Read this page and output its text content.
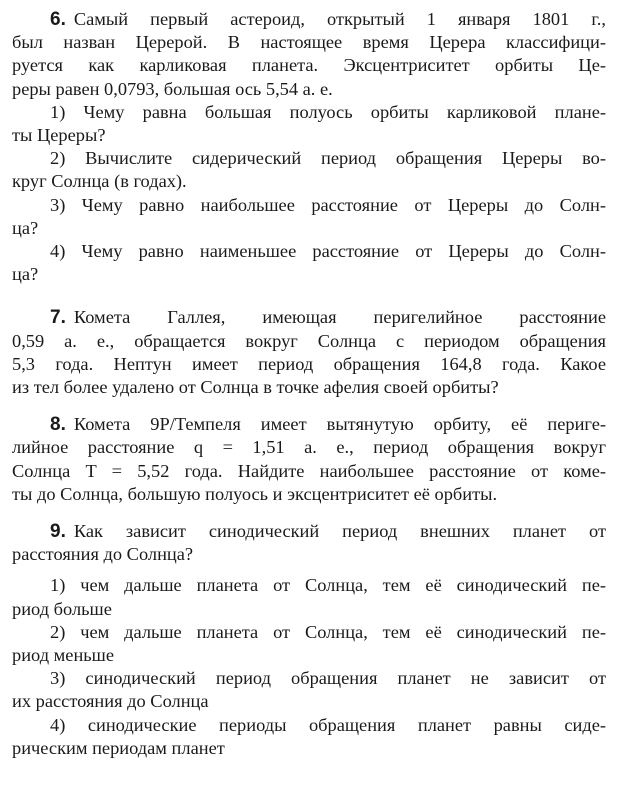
6. Самый первый астероид, открытый 1 января 1801 г.,
был назван Церерой. В настоящее время Церера классифици-
руется как карликовая планета. Эксцентриситет орбиты Це-
реры равен 0,0793, большая ось 5,54 а. е.
1) Чему равна большая полуось орбиты карликовой плане-
ты Цереры?
2) Вычислите сидерический период обращения Цереры во-
круг Солнца (в годах).
3) Чему равно наибольшее расстояние от Цереры до Солн-
ца?
4) Чему равно наименьшее расстояние от Цереры до Солн-
ца?
7. Комета Галлея, имеющая перигелийное расстояние
0,59 а. е., обращается вокруг Солнца с периодом обращения
5,3 года. Нептун имеет период обращения 164,8 года. Какое
из тел более удалено от Солнца в точке афелия своей орбиты?
8. Комета 9Р/Темпеля имеет вытянутую орбиту, её периге-
лийное расстояние q = 1,51 а. е., период обращения вокруг
Солнца T = 5,52 года. Найдите наибольшее расстояние от коме-
ты до Солнца, большую полуось и эксцентриситет её орбиты.
9. Как зависит синодический период внешних планет от
расстояния до Солнца?
1) чем дальше планета от Солнца, тем её синодический пе-
риод больше
2) чем дальше планета от Солнца, тем её синодический пе-
риод меньше
3) синодический период обращения планет не зависит от
их расстояния до Солнца
4) синодические периоды обращения планет равны сиде-
рическим периодам планет
